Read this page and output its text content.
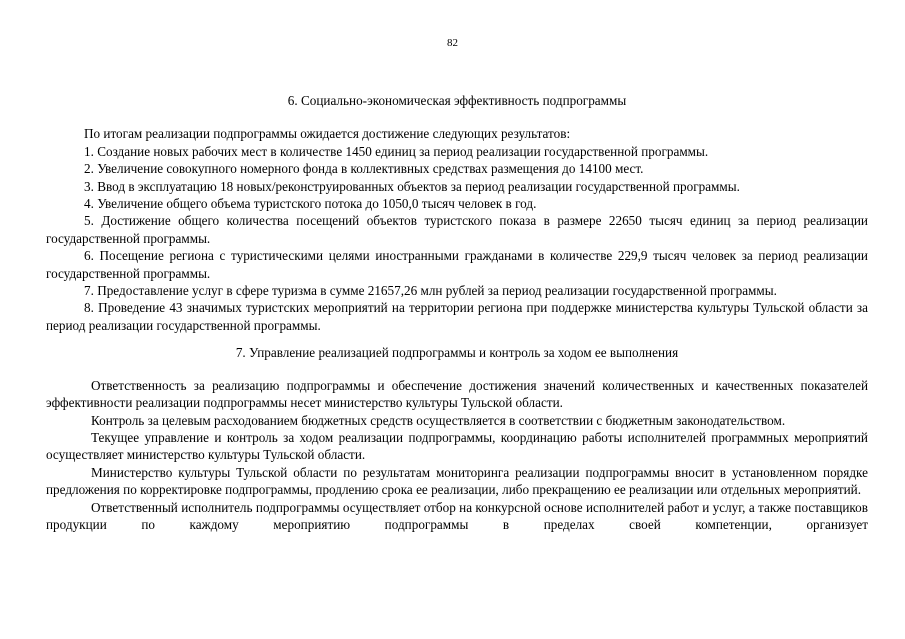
82
6. Социально-экономическая эффективность подпрограммы

По итогам реализации подпрограммы ожидается достижение следующих результатов:

1. Создание новых рабочих мест в количестве 1450 единиц за период реализации государственной программы.

2. Увеличение совокупного номерного фонда в коллективных средствах размещения до 14100 мест.

3. Ввод в эксплуатацию 18 новых/реконструированных объектов за период реализации государственной программы.

4. Увеличение общего объема туристского потока до 1050,0 тысяч человек в год.

5. Достижение общего количества посещений объектов туристского показа в размере 22650 тысяч единиц за период реализации государственной программы.

6. Посещение региона с туристическими целями иностранными гражданами в количестве 229,9 тысяч человек за период реализации государственной программы.

7. Предоставление услуг в сфере туризма в сумме 21657,26 млн рублей за период реализации государственной программы.

8. Проведение 43 значимых туристских мероприятий на территории региона при поддержке министерства культуры Тульской области за период реализации государственной программы.

7. Управление реализацией подпрограммы и контроль за ходом ее выполнения

Ответственность за реализацию подпрограммы и обеспечение достижения значений количественных и качественных показателей эффективности реализации подпрограммы несет министерство культуры Тульской области.

Контроль за целевым расходованием бюджетных средств осуществляется в соответствии с бюджетным законодательством.

Текущее управление и контроль за ходом реализации подпрограммы, координацию работы исполнителей программных мероприятий осуществляет министерство культуры Тульской области.

Министерство культуры Тульской области по результатам мониторинга реализации подпрограммы вносит в установленном порядке предложения по корректировке подпрограммы, продлению срока ее реализации, либо прекращению ее реализации или отдельных мероприятий.

Ответственный исполнитель подпрограммы осуществляет отбор на конкурсной основе исполнителей работ и услуг, а также поставщиков продукции по каждому мероприятию подпрограммы в пределах своей компетенции, организует
